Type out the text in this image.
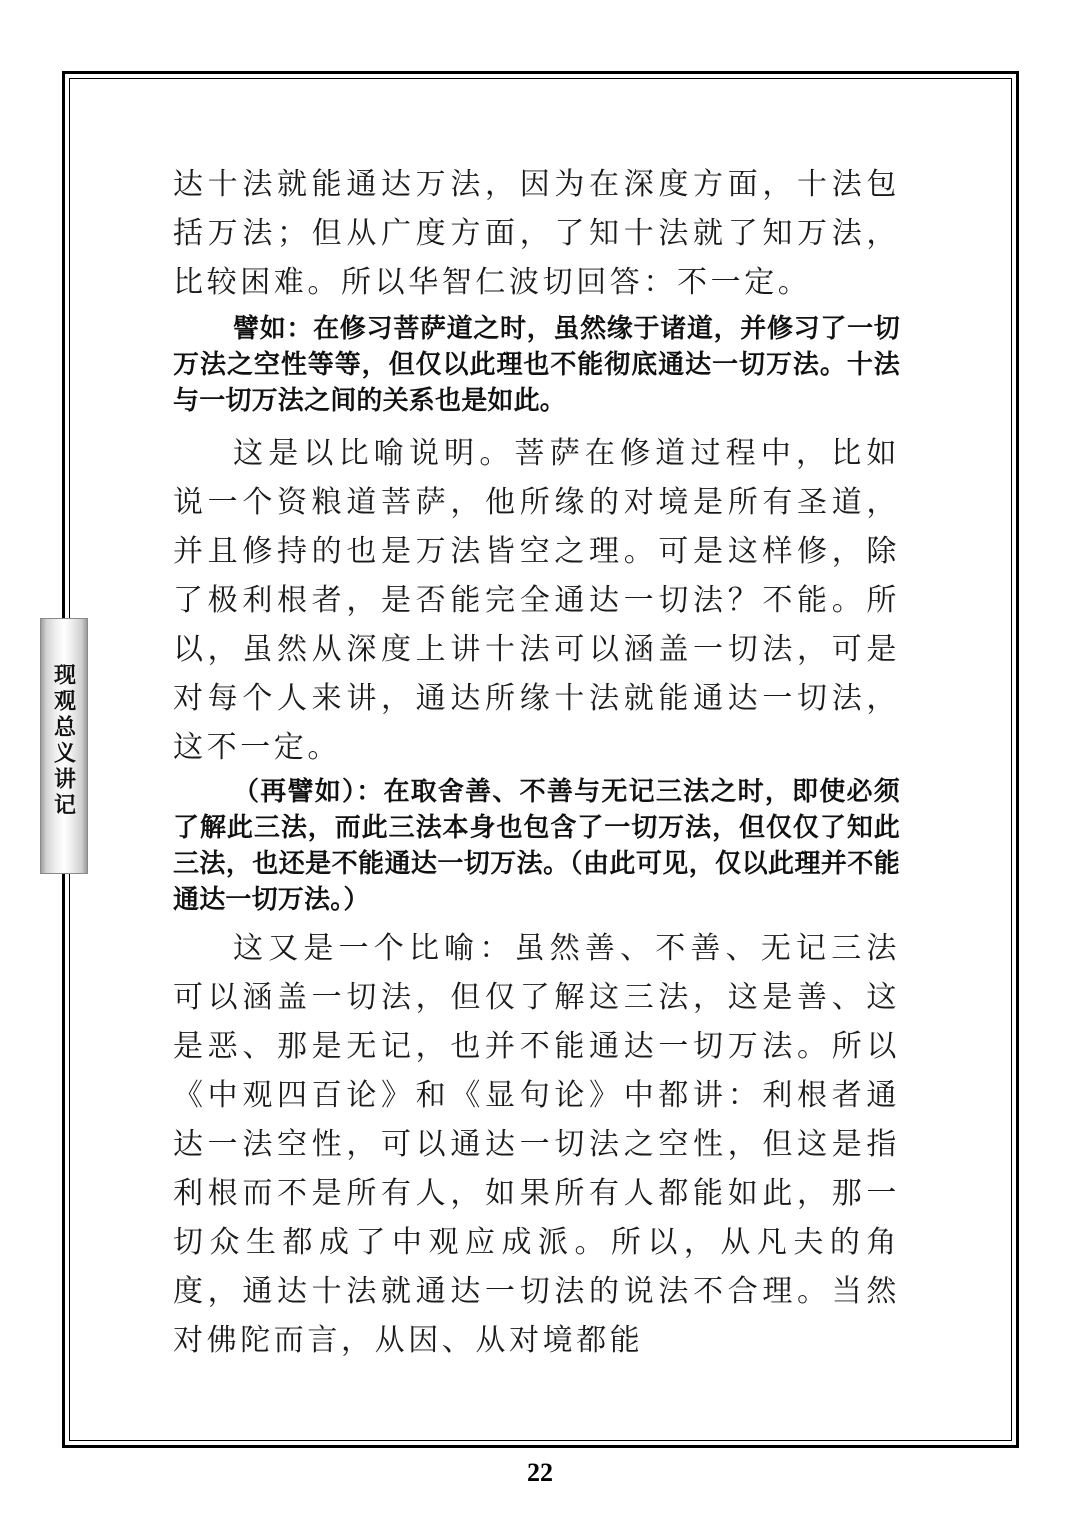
现观总义讲记

达十法就能通达万法，因为在深度方面，十法包括万法；但从广度方面，了知十法就了知万法，比较困难。所以华智仁波切回答：不一定。

譬如：在修习菩萨道之时，虽然缘于诸道，并修习了一切万法之空性等等，但仅以此理也不能彻底通达一切万法。十法与一切万法之间的关系也是如此。

这是以比喻说明。菩萨在修道过程中，比如说一个资粮道菩萨，他所缘的对境是所有圣道，并且修持的也是万法皆空之理。可是这样修，除了极利根者，是否能完全通达一切法？不能。所以，虽然从深度上讲十法可以涵盖一切法，可是对每个人来讲，通达所缘十法就能通达一切法，这不一定。

（再譬如）：在取舍善、不善与无记三法之时，即使必须了解此三法，而此三法本身也包含了一切万法，但仅仅了知此三法，也还是不能通达一切万法。（由此可见，仅以此理并不能通达一切万法。）

这又是一个比喻：虽然善、不善、无记三法可以涵盖一切法，但仅了解这三法，这是善、这是恶、那是无记，也并不能通达一切万法。所以《中观四百论》和《显句论》中都讲：利根者通达一法空性，可以通达一切法之空性，但这是指利根而不是所有人，如果所有人都能如此，那一切众生都成了中观应成派。所以，从凡夫的角度，通达十法就通达一切法的说法不合理。当然对佛陀而言，从因、从对境都能

22
